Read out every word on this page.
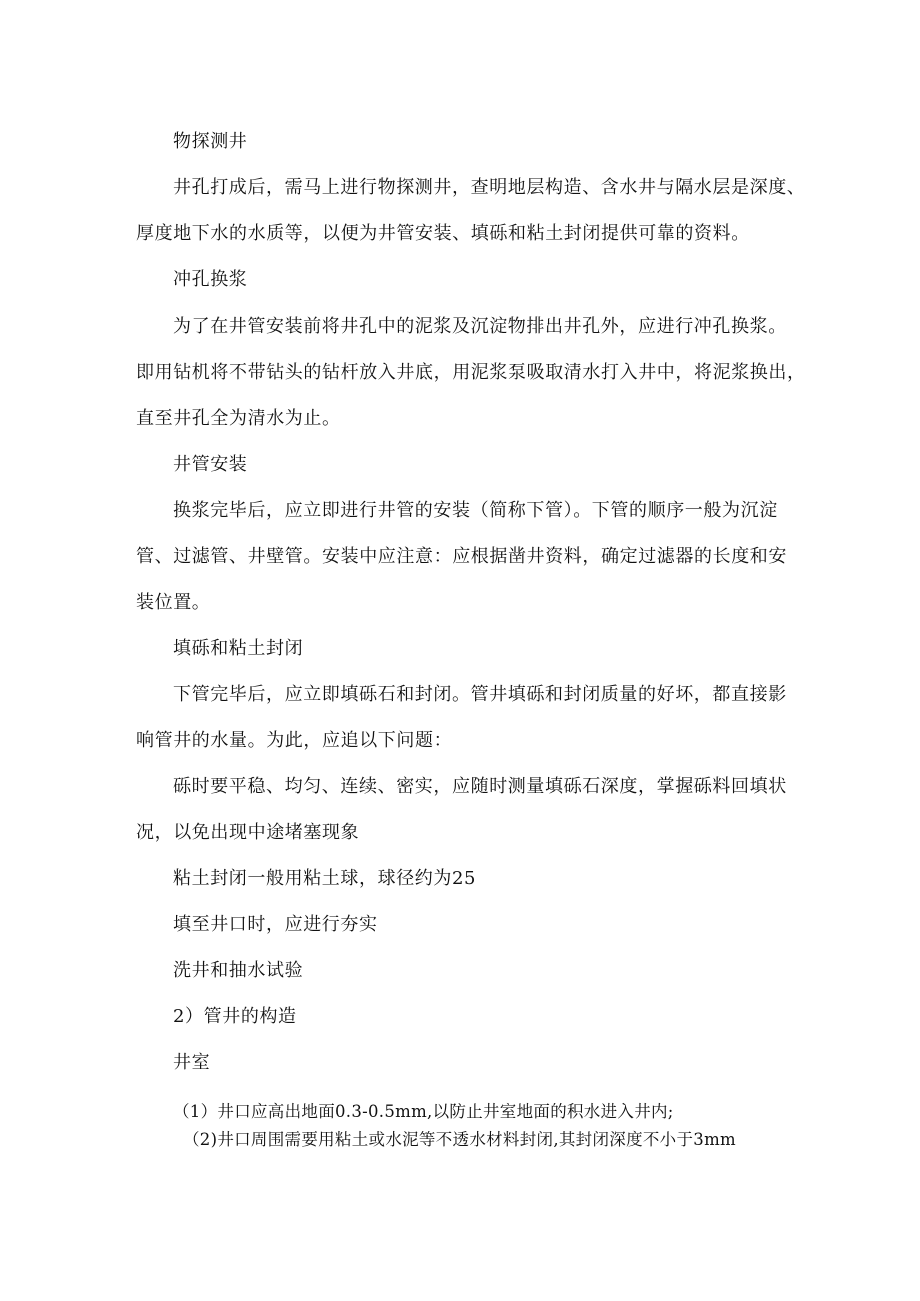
物探测井
井孔打成后，需马上进行物探测井，查明地层构造、含水井与隔水层是深度、
厚度地下水的水质等，以便为井管安装、填砾和粘土封闭提供可靠的资料。
冲孔换浆
为了在井管安装前将井孔中的泥浆及沉淀物排出井孔外，应进行冲孔换浆。
即用钻机将不带钻头的钻杆放入井底，用泥浆泵吸取清水打入井中，将泥浆换出，
直至井孔全为清水为止。
井管安装
换浆完毕后，应立即进行井管的安装（简称下管）。下管的顺序一般为沉淀
管、过滤管、井壁管。安装中应注意：应根据凿井资料，确定过滤器的长度和安
装位置。
填砾和粘土封闭
下管完毕后，应立即填砾石和封闭。管井填砾和封闭质量的好坏，都直接影
响管井的水量。为此，应追以下问题：
砾时要平稳、均匀、连续、密实，应随时测量填砾石深度，掌握砾料回填状
况，以免出现中途堵塞现象
粘土封闭一般用粘土球，球径约为25
填至井口时，应进行夯实
洗井和抽水试验
2）管井的构造
井室
（1）井口应高出地面0.3-0.5mm,以防止井室地面的积水进入井内;
（2)井口周围需要用粘土或水泥等不透水材料封闭,其封闭深度不小于3mm
